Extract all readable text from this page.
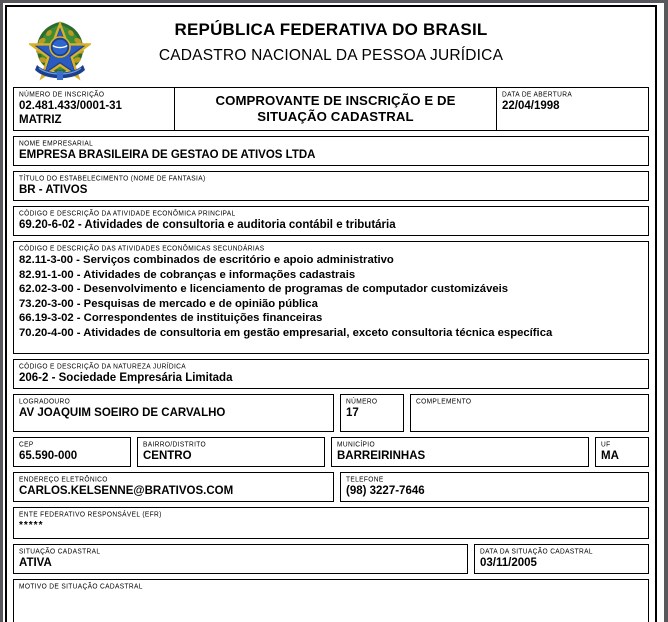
REPÚBLICA FEDERATIVA DO BRASIL
CADASTRO NACIONAL DA PESSOA JURÍDICA
NÚMERO DE INSCRIÇÃO
02.481.433/0001-31
MATRIZ
COMPROVANTE DE INSCRIÇÃO E DE SITUAÇÃO CADASTRAL
DATA DE ABERTURA
22/04/1998
NOME EMPRESARIAL
EMPRESA BRASILEIRA DE GESTAO DE ATIVOS LTDA
TÍTULO DO ESTABELECIMENTO (NOME DE FANTASIA)
BR - ATIVOS
CÓDIGO E DESCRIÇÃO DA ATIVIDADE ECONÔMICA PRINCIPAL
69.20-6-02 - Atividades de consultoria e auditoria contábil e tributária
CÓDIGO E DESCRIÇÃO DAS ATIVIDADES ECONÔMICAS SECUNDÁRIAS
82.11-3-00 - Serviços combinados de escritório e apoio administrativo
82.91-1-00 - Atividades de cobranças e informações cadastrais
62.02-3-00 - Desenvolvimento e licenciamento de programas de computador customizáveis
73.20-3-00 - Pesquisas de mercado e de opinião pública
66.19-3-02 - Correspondentes de instituições financeiras
70.20-4-00 - Atividades de consultoria em gestão empresarial, exceto consultoria técnica específica
CÓDIGO E DESCRIÇÃO DA NATUREZA JURÍDICA
206-2 - Sociedade Empresária Limitada
LOGRADOURO
AV JOAQUIM SOEIRO DE CARVALHO
NÚMERO
17
COMPLEMENTO
CEP
65.590-000
BAIRRO/DISTRITO
CENTRO
MUNICÍPIO
BARREIRINHAS
UF
MA
ENDEREÇO ELETRÔNICO
CARLOS.KELSENNE@BRATIVOS.COM
TELEFONE
(98) 3227-7646
ENTE FEDERATIVO RESPONSÁVEL (EFR)
*****
SITUAÇÃO CADASTRAL
ATIVA
DATA DA SITUAÇÃO CADASTRAL
03/11/2005
MOTIVO DE SITUAÇÃO CADASTRAL
